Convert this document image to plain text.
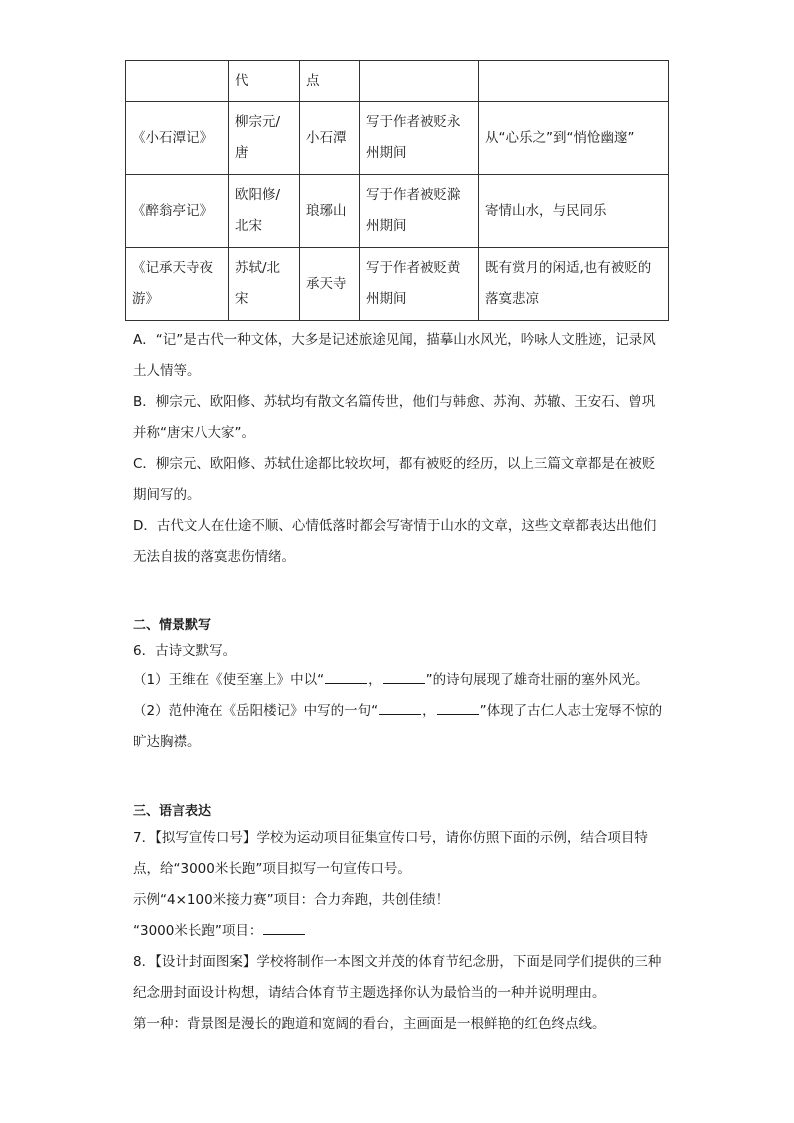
	代	点		
《小石潭记》	柳宗元/唐	小石潭	写于作者被贬永州期间	从“心乐之”到“悄怆幽邃”
《醉翁亭记》	欧阳修/北宋	琅琊山	写于作者被贬滁州期间	寄情山水，与民同乐
《记承天寺夜游》	苏轼/北宋	承天寺	写于作者被贬黄州期间	既有赏月的闲适,也有被贬的落寞悲凉

A．“记”是古代一种文体，大多是记述旅途见闻，描摹山水风光，吟咏人文胜迹，记录风土人情等。

B．柳宗元、欧阳修、苏轼均有散文名篇传世，他们与韩愈、苏洵、苏辙、王安石、曾巩并称“唐宋八大家”。

C．柳宗元、欧阳修、苏轼仕途都比较坎坷，都有被贬的经历，以上三篇文章都是在被贬期间写的。

D．古代文人在仕途不顺、心情低落时都会写寄情于山水的文章，这些文章都表达出他们无法自拔的落寞悲伤情绪。

二、情景默写

6．古诗文默写。

（1）王维在《使至塞上》中以“	，	”的诗句展现了雄奇壮丽的塞外风光。

（2）范仲淹在《岳阳楼记》中写的一句“	，	”体现了古仁人志士宠辱不惊的旷达胸襟。

三、语言表达

7．【拟写宣传口号】学校为运动项目征集宣传口号，请你仿照下面的示例，结合项目特点，给“3000米长跑”项目拟写一句宣传口号。

示例“4×100米接力赛”项目：合力奔跑，共创佳绩！

“3000米长跑”项目：

8．【设计封面图案】学校将制作一本图文并茂的体育节纪念册，下面是同学们提供的三种纪念册封面设计构想，请结合体育节主题选择你认为最恰当的一种并说明理由。

第一种：背景图是漫长的跑道和宽阔的看台，主画面是一根鲜艳的红色终点线。
